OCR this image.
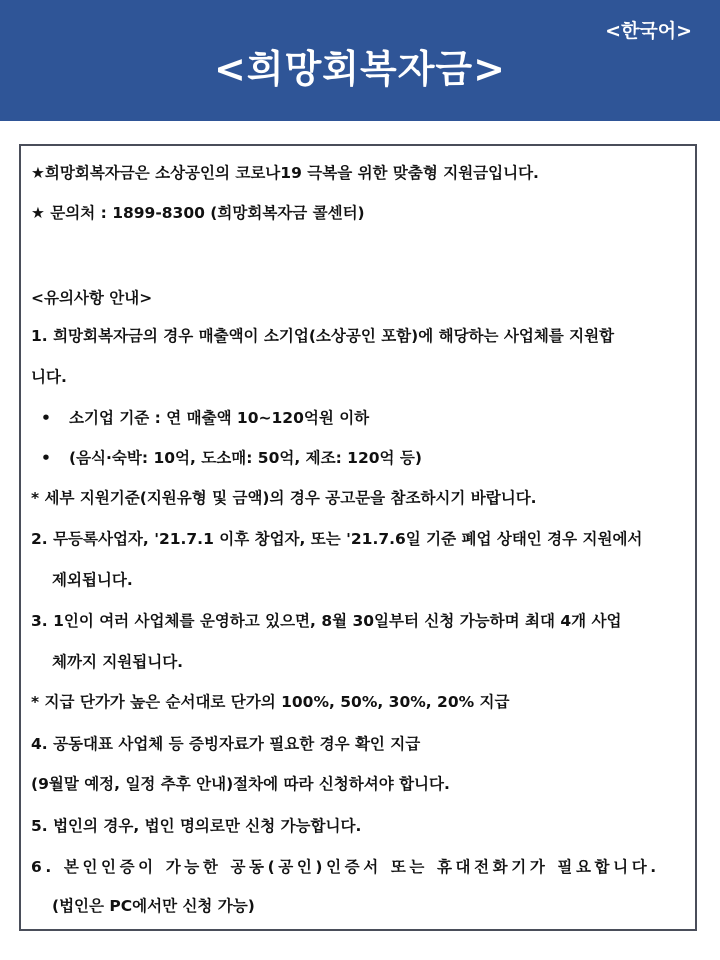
<희망회복자금>
<한국어>
★희망회복자금은 소상공인의 코로나19 극복을 위한 맞춤형 지원금입니다.
★ 문의처 : 1899-8300 (희망회복자금 콜센터)
<유의사항 안내>
1. 희망회복자금의 경우 매출액이 소기업(소상공인 포함)에 해당하는 사업체를 지원합
니다.
• 소기업 기준 : 연 매출액 10~120억원 이하
• (음식·숙박: 10억, 도소매: 50억, 제조: 120억 등)
* 세부 지원기준(지원유형 및 금액)의 경우 공고문을 참조하시기 바랍니다.
2. 무등록사업자, '21.7.1 이후 창업자, 또는 '21.7.6일 기준 폐업 상태인 경우 지원에서
제외됩니다.
3. 1인이 여러 사업체를 운영하고 있으면, 8월 30일부터 신청 가능하며 최대 4개 사업
체까지 지원됩니다.
* 지급 단가가 높은 순서대로 단가의 100%, 50%, 30%, 20% 지급
4. 공동대표 사업체 등 증빙자료가 필요한 경우 확인 지급
(9월말 예정, 일정 추후 안내)절차에 따라 신청하셔야 합니다.
5. 법인의 경우, 법인 명의로만 신청 가능합니다.
6. 본인인증이 가능한 공동(공인)인증서 또는 휴대전화기가 필요합니다.
(법인은 PC에서만 신청 가능)
